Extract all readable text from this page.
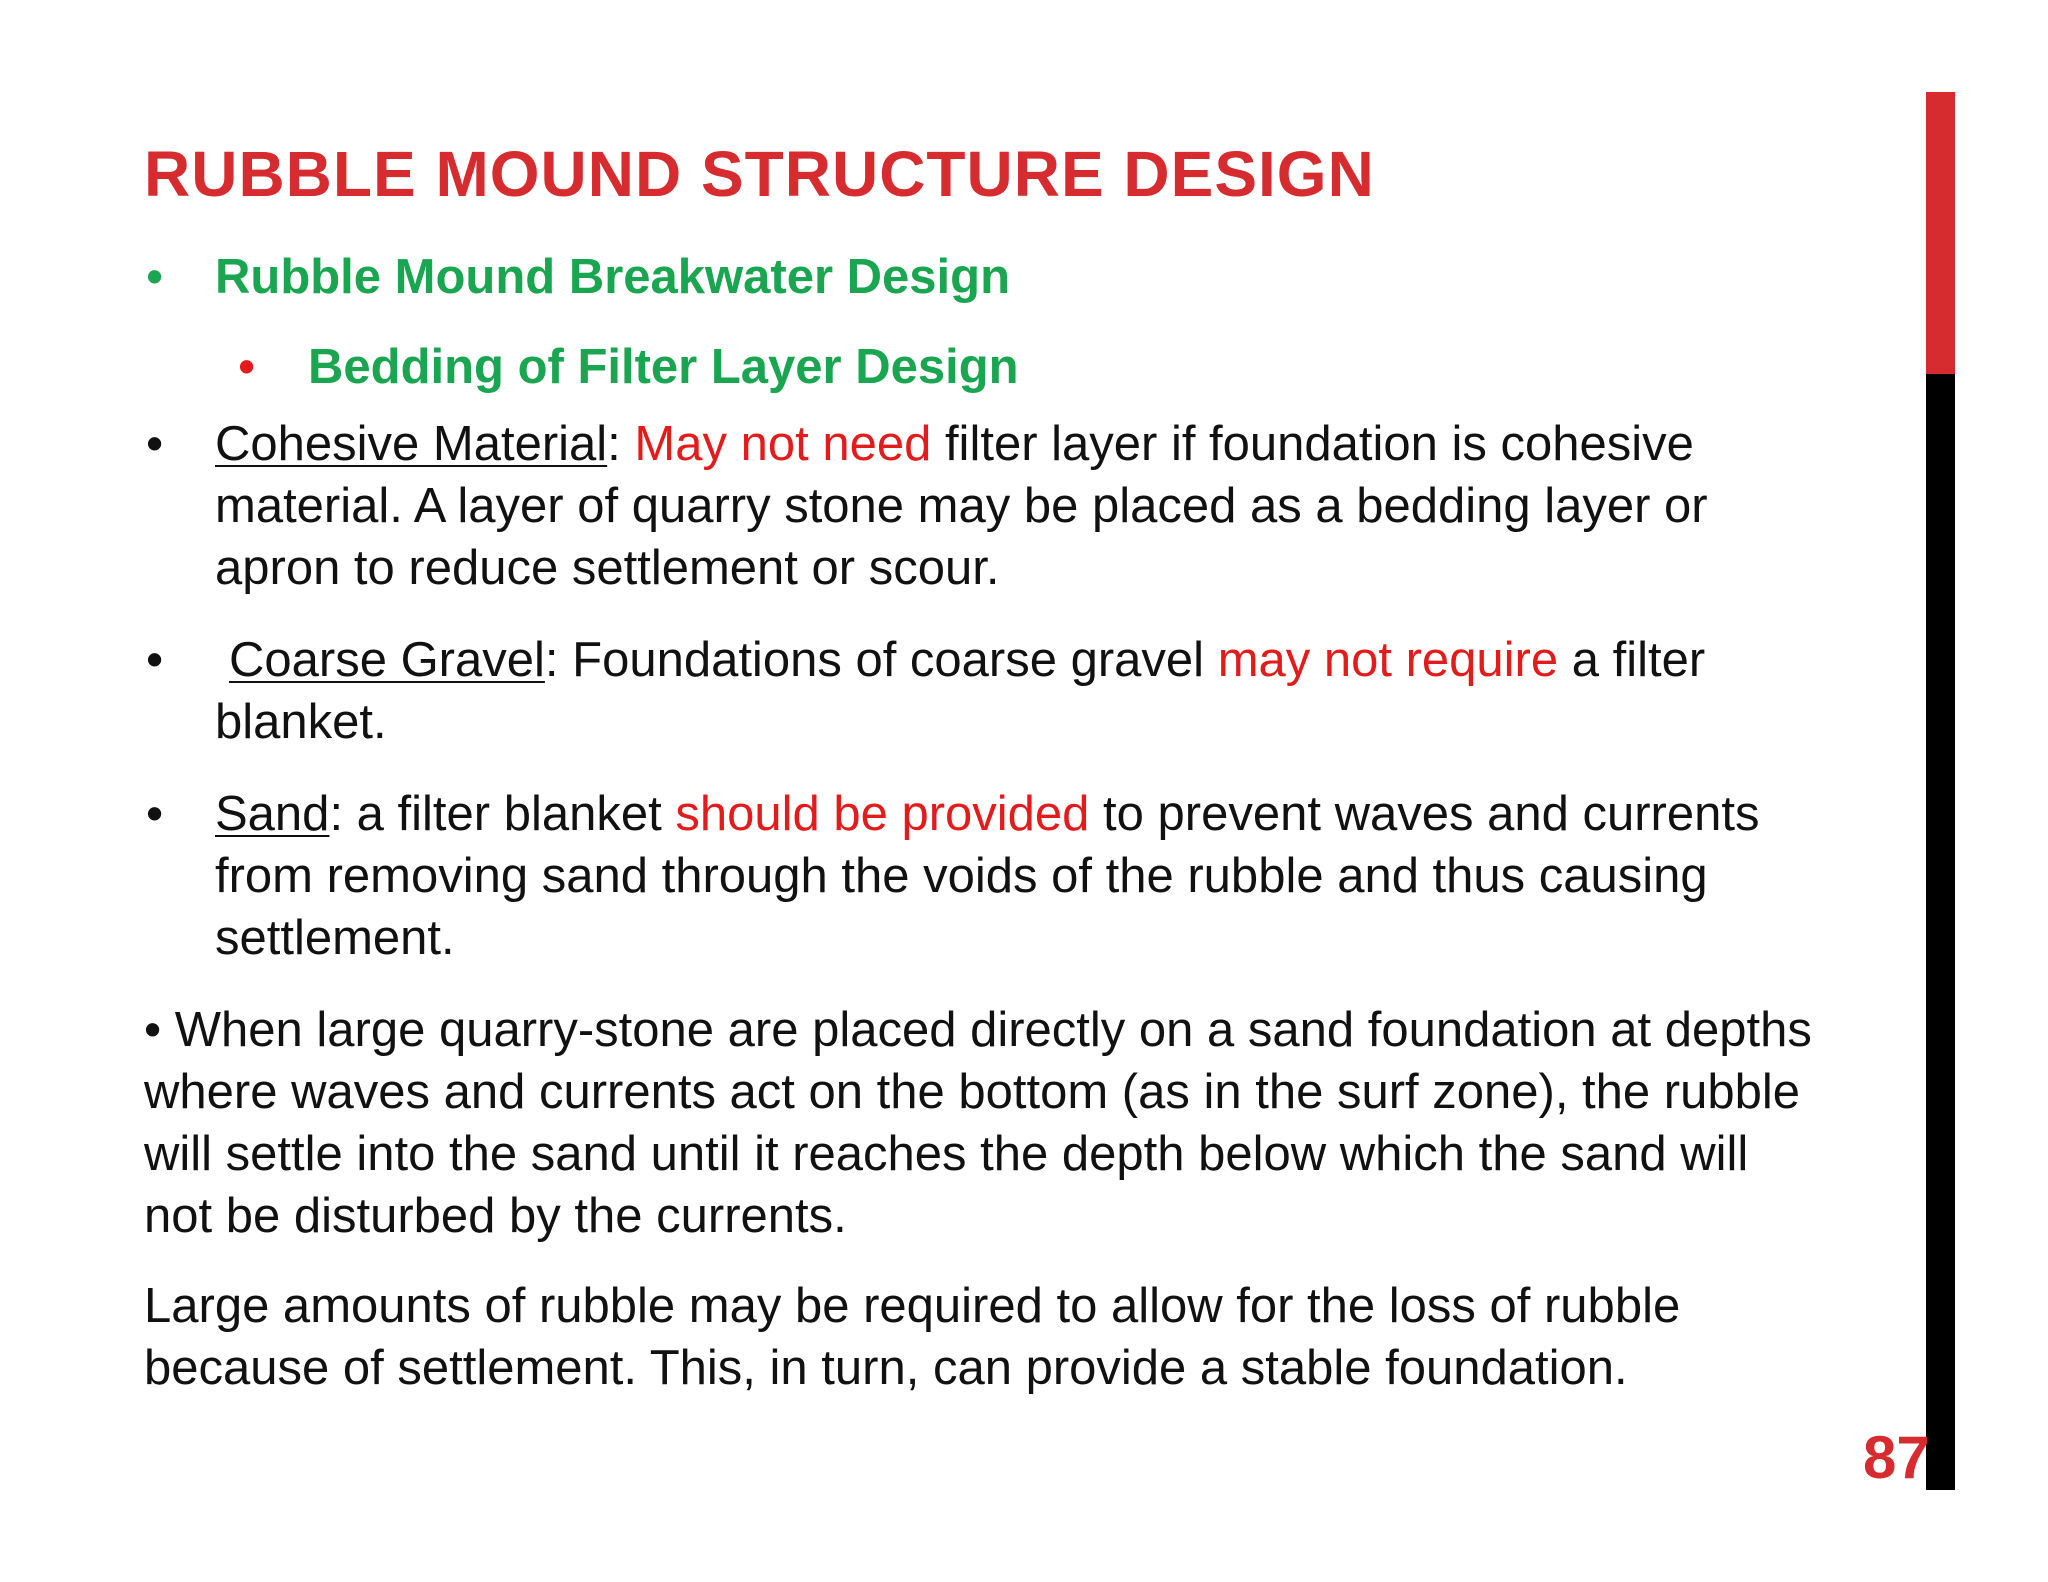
RUBBLE MOUND STRUCTURE DESIGN
• Rubble Mound Breakwater Design
• Bedding of Filter Layer Design
• Cohesive Material: May not need filter layer if foundation is cohesive
material. A layer of quarry stone may be placed as a bedding layer or
apron to reduce settlement or scour.
• Coarse Gravel: Foundations of coarse gravel may not require a filter
blanket.
• Sand: a filter blanket should be provided to prevent waves and currents
from removing sand through the voids of the rubble and thus causing
settlement.
• When large quarry-stone are placed directly on a sand foundation at depths
where waves and currents act on the bottom (as in the surf zone), the rubble
will settle into the sand until it reaches the depth below which the sand will
not be disturbed by the currents.
Large amounts of rubble may be required to allow for the loss of rubble
because of settlement. This, in turn, can provide a stable foundation.
87
